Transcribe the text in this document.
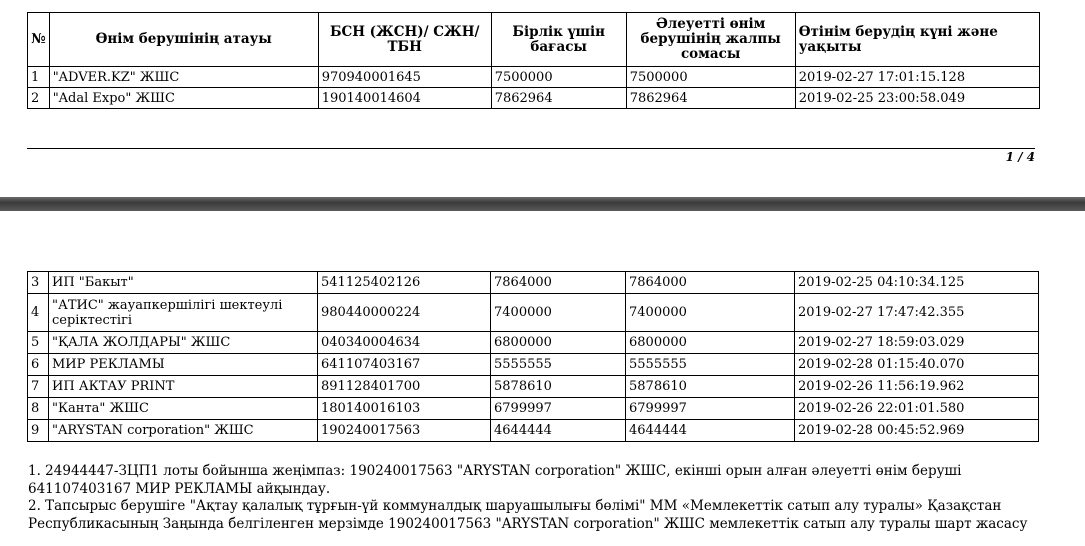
№	Өнім берушінің атауы	БСН (ЖСН)/ СЖН/ТБН	Бірлік үшін бағасы	Әлеуетті өнім берушінің жалпы сомасы	Өтінім берудің күні және уақыты
1	"ADVER.KZ" ЖШС	970940001645	7500000	7500000	2019-02-27 17:01:15.128
2	"Adal Expo" ЖШС	190140014604	7862964	7862964	2019-02-25 23:00:58.049
1 / 4
3	ИП "Бакыт"	541125402126	7864000	7864000	2019-02-25 04:10:34.125
4	"АТИС" жауапкершілігі шектеулі серіктестігі	980440000224	7400000	7400000	2019-02-27 17:47:42.355
5	"ҚАЛА ЖОЛДАРЫ" ЖШС	040340004634	6800000	6800000	2019-02-27 18:59:03.029
6	МИР РЕКЛАМЫ	641107403167	5555555	5555555	2019-02-28 01:15:40.070
7	ИП АКТАУ PRINT	891128401700	5878610	5878610	2019-02-26 11:56:19.962
8	"Канта" ЖШС	180140016103	6799997	6799997	2019-02-26 22:01:01.580
9	"ARYSTAN corporation" ЖШС	190240017563	4644444	4644444	2019-02-28 00:45:52.969

1. 24944447-ЗЦП1 лоты бойынша жеңімпаз: 190240017563 "ARYSTAN corporation" ЖШС, екінші орын алған әлеуетті өнім беруші 641107403167 МИР РЕКЛАМЫ айқындау.

2. Тапсырыс берушіге "Ақтау қалалық тұрғын-үй коммуналдық шаруашылығы бөлімі" ММ «Мемлекеттік сатып алу туралы» Қазақстан Республикасының Заңында белгіленген мерзімде 190240017563 "ARYSTAN corporation" ЖШС мемлекеттік сатып алу туралы шарт жасасу
